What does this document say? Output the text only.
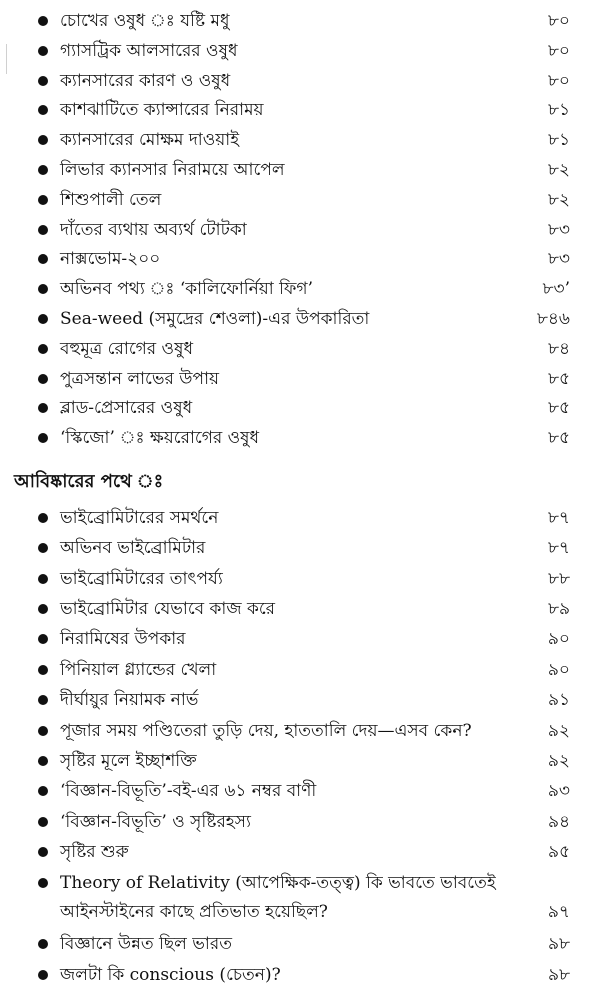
চোখের ওষুধ ঃ যষ্টি মধু	৮০
গ্যাসট্রিক আলসারের ওষুধ	৮০
ক্যানসারের কারণ ও ওষুধ	৮০
কাশঝাটিতে ক্যান্সারের নিরাময়	৮১
ক্যানসারের মোক্ষম দাওয়াই	৮১
লিভার ক্যানসার নিরাময়ে আপেল	৮২
শিশুপালী তেল	৮২
দাঁতের ব্যথায় অব্যর্থ টোটকা	৮৩
নাক্সভোম-২০০	৮৩
অভিনব পথ্য ঃ ‘কালিফোর্নিয়া ফিগ’	৮৩’
Sea-weed (সমুদ্রের শেওলা)-এর উপকারিতা	৮৪৬
বহুমূত্র রোগের ওষুধ	৮৪
পুত্রসন্তান লাভের উপায়	৮৫
ব্লাড-প্রেসারের ওষুধ	৮৫
‘স্কিজো’ ঃ ক্ষয়রোগের ওষুধ	৮৫
আবিষ্কারের পথে ঃ
ভাইব্রোমিটারের সমর্থনে	৮৭
অভিনব ভাইব্রোমিটার	৮৭
ভাইব্রোমিটারের তাৎপর্য্য	৮৮
ভাইব্রোমিটার যেভাবে কাজ করে	৮৯
নিরামিষের উপকার	৯০
পিনিয়াল গ্ল্যান্ডের খেলা	৯০
দীর্ঘায়ুর নিয়ামক নার্ভ	৯১
পূজার সময় পণ্ডিতেরা তুড়ি দেয়, হাততালি দেয়—এসব কেন?	৯২
সৃষ্টির মূলে ইচ্ছাশক্তি	৯২
‘বিজ্ঞান-বিভূতি’-বই-এর ৬১ নম্বর বাণী	৯৩
‘বিজ্ঞান-বিভূতি’ ও সৃষ্টিরহস্য	৯৪
সৃষ্টির শুরু	৯৫
Theory of Relativity (আপেক্ষিক-তত্ত্ব) কি ভাবতে ভাবতেই
আইনস্টাইনের কাছে প্রতিভাত হয়েছিল?	৯৭
বিজ্ঞানে উন্নত ছিল ভারত	৯৮
জলটা কি conscious (চেতন)?	৯৮
